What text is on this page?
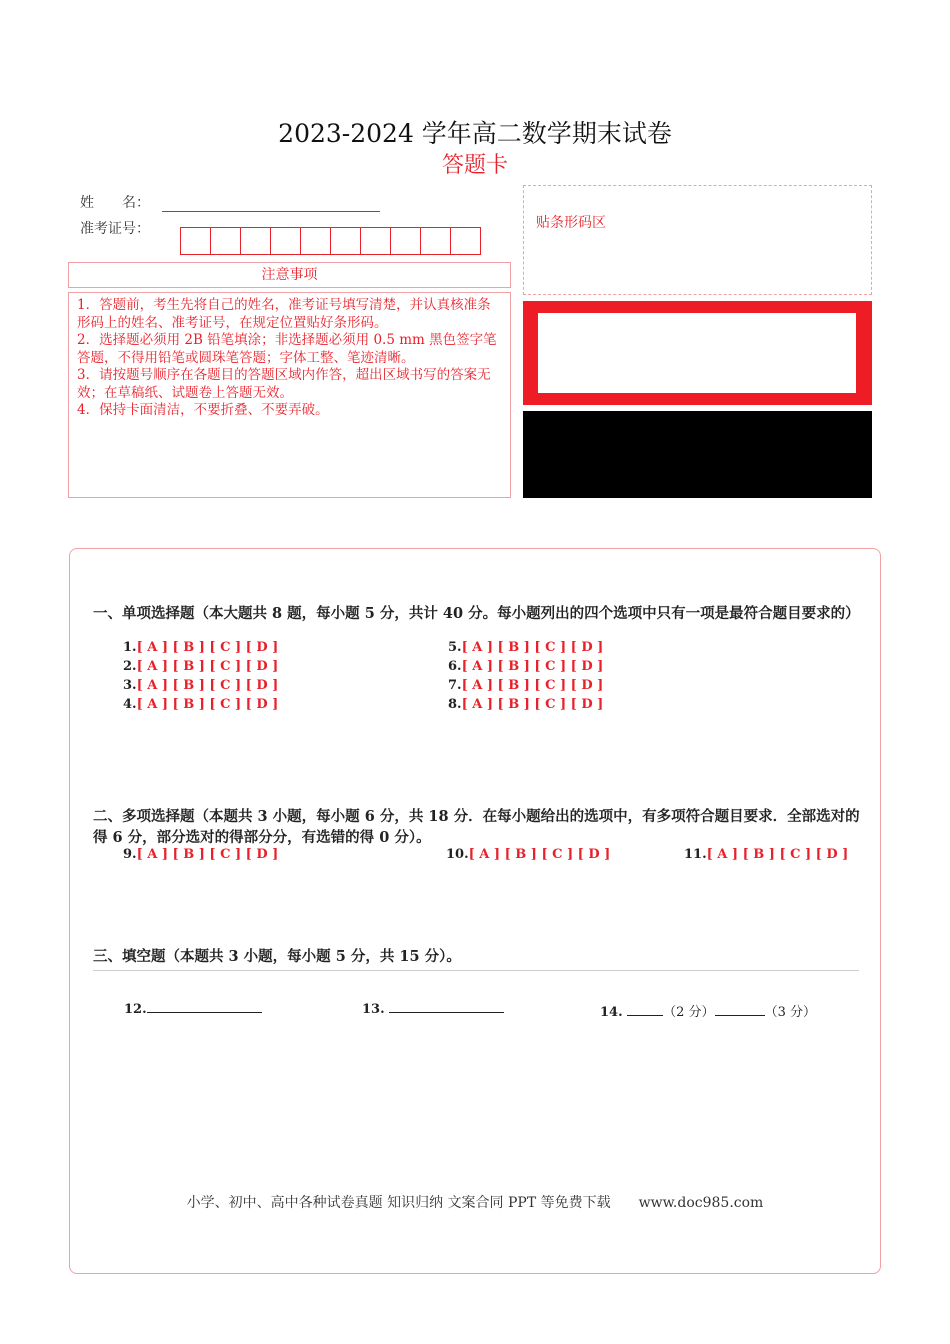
2023-2024 学年高二数学期末试卷
答题卡
姓　　名：
准考证号：
注意事项

1．答题前，考生先将自己的姓名，准考证号填写清楚，并认真核准条形码上的姓名、准考证号，在规定位置贴好条形码。

2．选择题必须用 2B 铅笔填涂；非选择题必须用 0.5 mm 黑色签字笔答题，不得用铅笔或圆珠笔答题；字体工整、笔迹清晰。

3．请按题号顺序在各题目的答题区域内作答，超出区域书写的答案无效；在草稿纸、试题卷上答题无效。

4．保持卡面清洁，不要折叠、不要弄破。

贴条形码区
一、单项选择题（本大题共 8 题，每小题 5 分，共计 40 分。每小题列出的四个选项中只有一项是最符合题目要求的）
1.[ A ] [ B ] [ C ] [ D ]
2.[ A ] [ B ] [ C ] [ D ]
3.[ A ] [ B ] [ C ] [ D ]
4.[ A ] [ B ] [ C ] [ D ]
5.[ A ] [ B ] [ C ] [ D ]
6.[ A ] [ B ] [ C ] [ D ]
7.[ A ] [ B ] [ C ] [ D ]
8.[ A ] [ B ] [ C ] [ D ]
二、多项选择题（本题共 3 小题，每小题 6 分，共 18 分．在每小题给出的选项中，有多项符合题目要求．全部选对的得 6 分，部分选对的得部分分，有选错的得 0 分）。
9.[ A ] [ B ] [ C ] [ D ]	10.[ A ] [ B ] [ C ] [ D ]	11.[ A ] [ B ] [ C ] [ D ]
三、填空题（本题共 3 小题，每小题 5 分，共 15 分）。
12.	13.	14.	（2 分）	（3 分）
小学、初中、高中各种试卷真题 知识归纳 文案合同 PPT 等免费下载　　www.doc985.com
